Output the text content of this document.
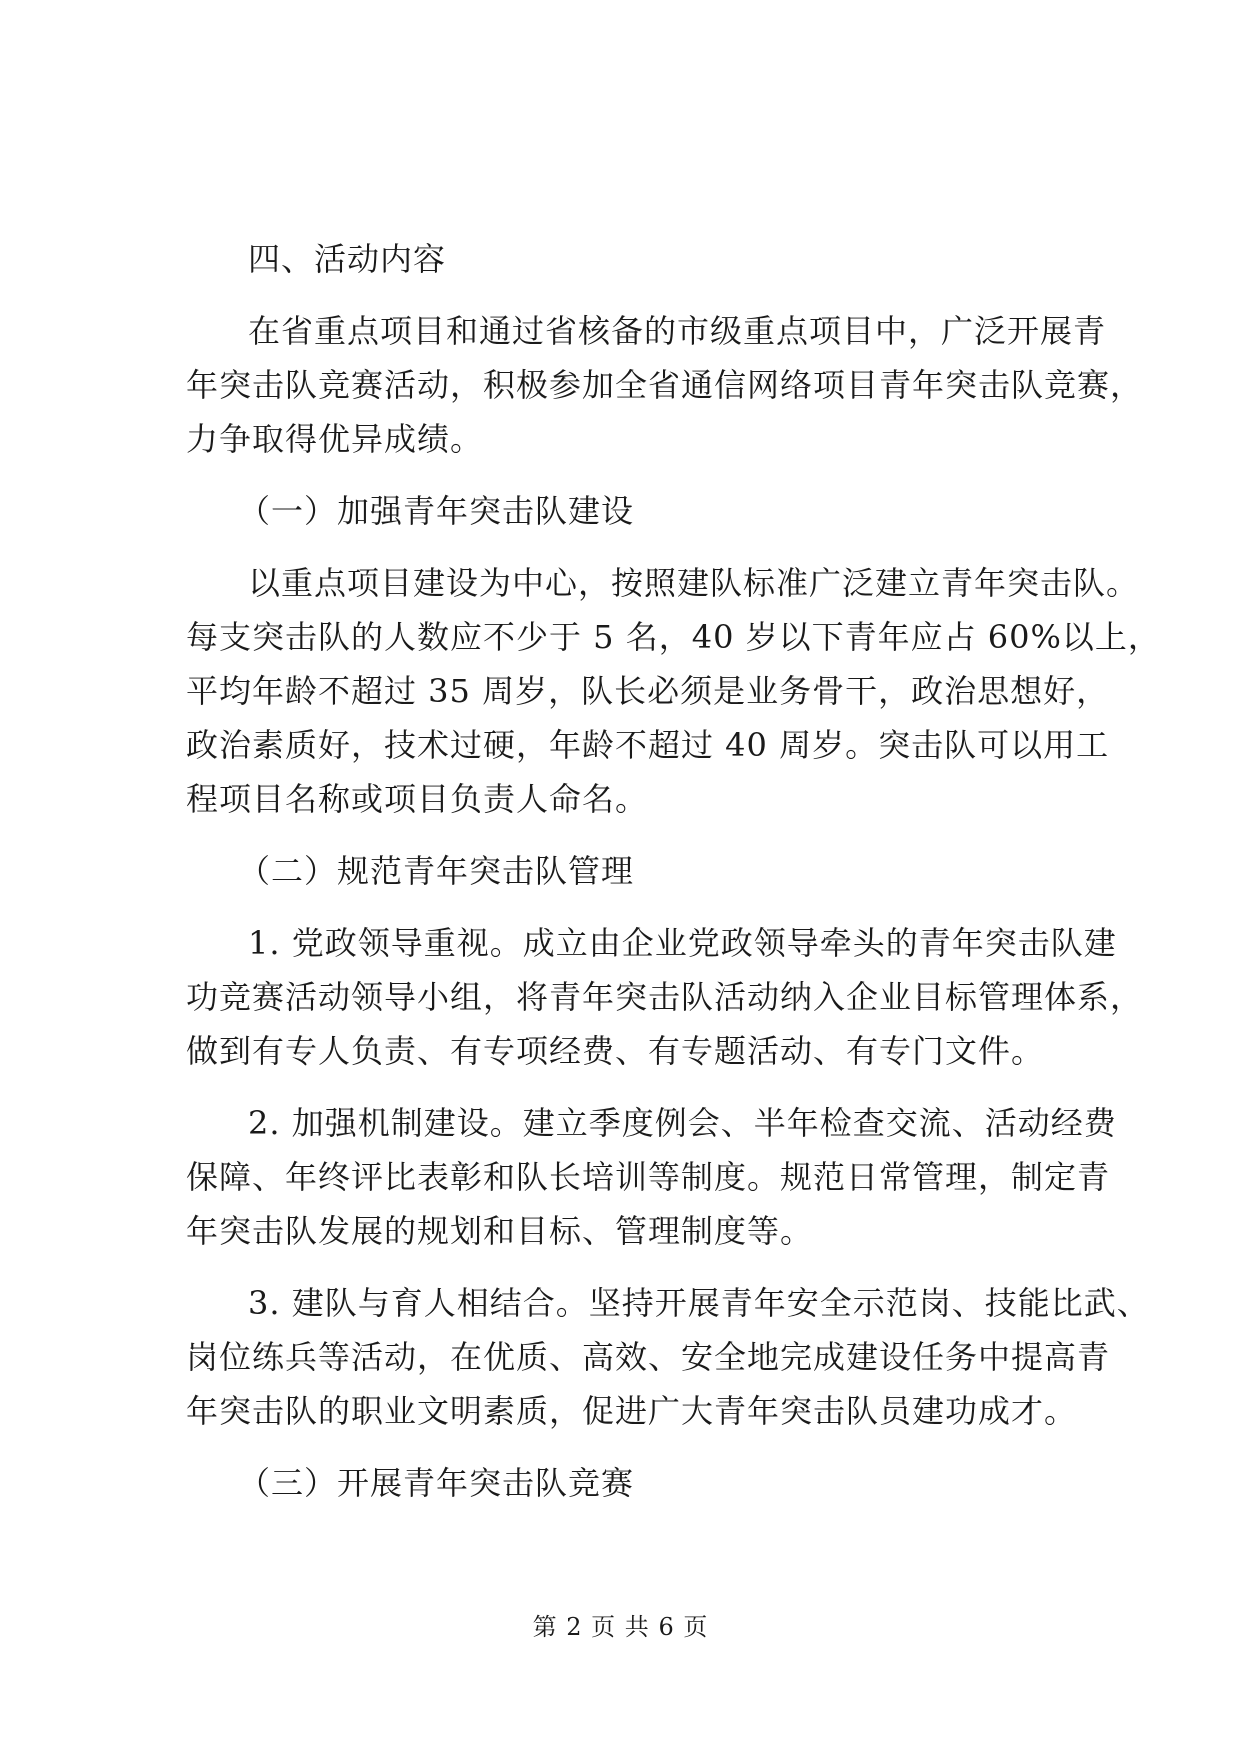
四、活动内容
在省重点项目和通过省核备的市级重点项目中，广泛开展青
年突击队竞赛活动，积极参加全省通信网络项目青年突击队竞赛，
力争取得优异成绩。
（一）加强青年突击队建设
以重点项目建设为中心，按照建队标准广泛建立青年突击队。
每支突击队的人数应不少于 5 名，40 岁以下青年应占 60%以上，
平均年龄不超过 35 周岁，队长必须是业务骨干，政治思想好，
政治素质好，技术过硬，年龄不超过 40 周岁。突击队可以用工
程项目名称或项目负责人命名。
（二）规范青年突击队管理
1. 党政领导重视。成立由企业党政领导牵头的青年突击队建
功竞赛活动领导小组，将青年突击队活动纳入企业目标管理体系，
做到有专人负责、有专项经费、有专题活动、有专门文件。
2. 加强机制建设。建立季度例会、半年检查交流、活动经费
保障、年终评比表彰和队长培训等制度。规范日常管理，制定青
年突击队发展的规划和目标、管理制度等。
3. 建队与育人相结合。坚持开展青年安全示范岗、技能比武、
岗位练兵等活动，在优质、高效、安全地完成建设任务中提高青
年突击队的职业文明素质，促进广大青年突击队员建功成才。
（三）开展青年突击队竞赛
第 2 页 共 6 页
